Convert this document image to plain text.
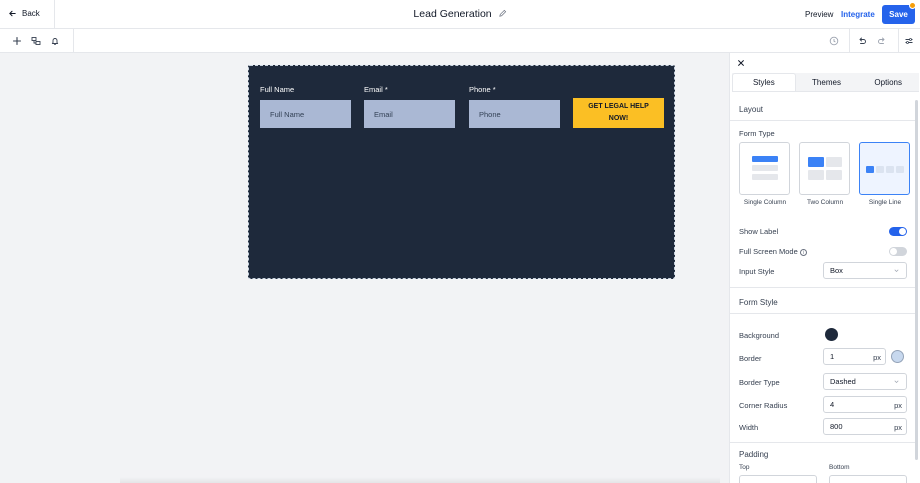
Back	Lead Generation	Preview Integrate	Save
Full Name
Full Name
Email *
Email
Phone *
Phone
GET LEGAL HELP
NOW!
Styles	Themes	Options
Layout
Form Type
Single Column	Two Column	Single Line
Show Label
Full Screen Mode i
Input Style	Box
Form Style
Background
Border	1	px
Border Type	Dashed
Corner Radius	4	px
Width	800	px
Padding
Top	Bottom
